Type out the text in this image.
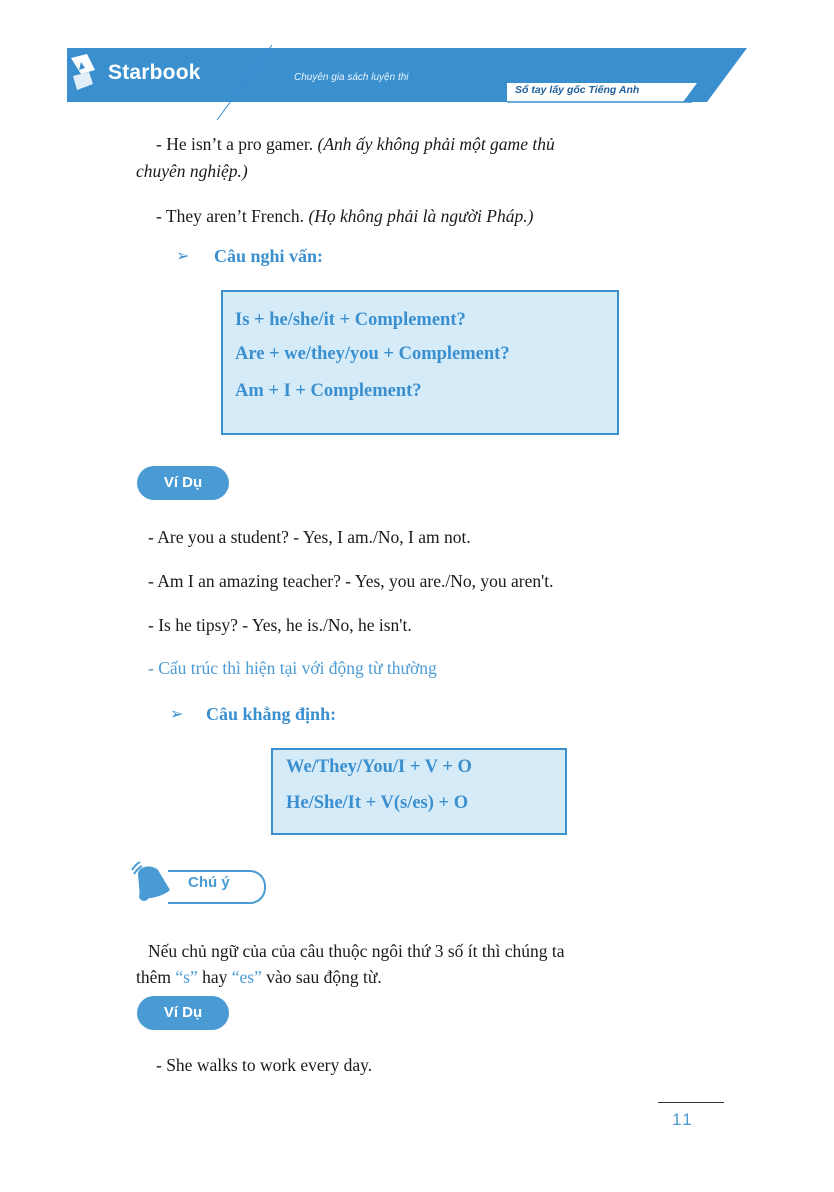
Starbook	Chuyên gia sách luyện thi
Sổ tay lấy gốc Tiếng Anh
- He isn’t a pro gamer. (Anh ấy không phải một game thủ
chuyên nghiệp.)
- They aren’t French. (Họ không phải là người Pháp.)
➢ Câu nghi vấn:
Is + he/she/it + Complement?
Are + we/they/you + Complement?
Am + I + Complement?
Ví Dụ
- Are you a student? - Yes, I am./No, I am not.
- Am I an amazing teacher? - Yes, you are./No, you aren't.
- Is he tipsy? - Yes, he is./No, he isn't.
- Cấu trúc thì hiện tại với động từ thường
➢ Câu khẳng định:
We/They/You/I + V + O
He/She/It + V(s/es) + O
Chú ý
Nếu chủ ngữ của của câu thuộc ngôi thứ 3 số ít thì chúng ta
thêm “s” hay “es” vào sau động từ.
Ví Dụ
- She walks to work every day.
11
